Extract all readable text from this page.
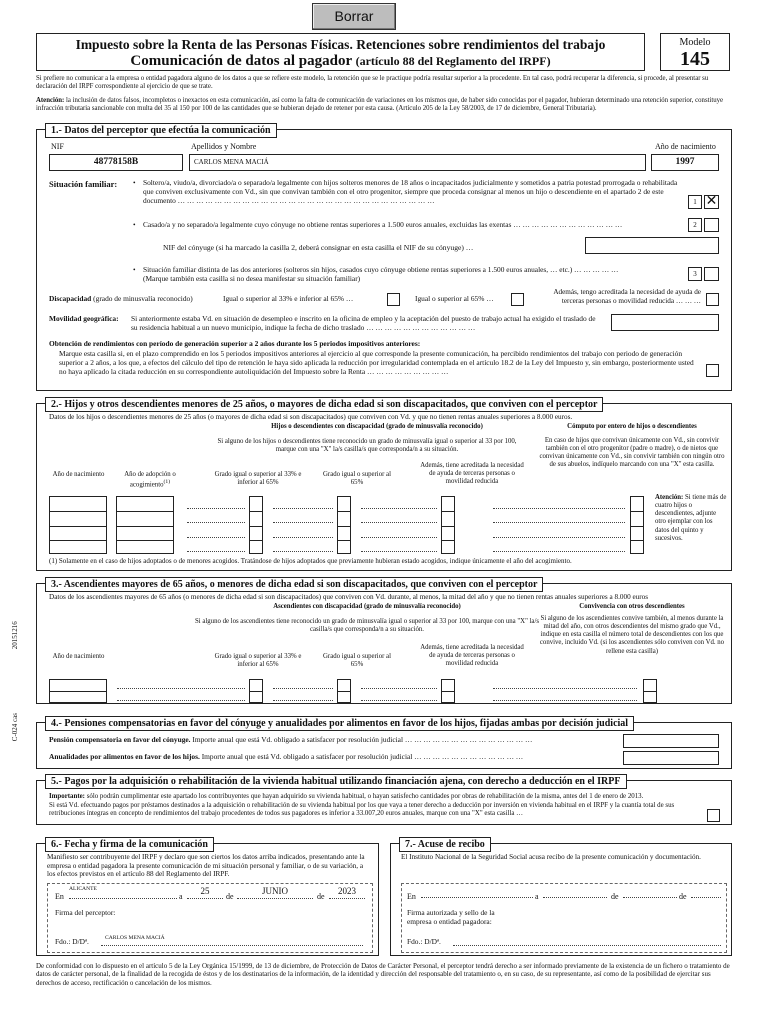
Borrar
Impuesto sobre la Renta de las Personas Físicas. Retenciones sobre rendimientos del trabajo
Comunicación de datos al pagador (artículo 88 del Reglamento del IRPF)
Modelo
145
Si prefiere no comunicar a la empresa o entidad pagadora alguno de los datos a que se refiere este modelo, la retención que se le practique podría resultar superior a la procedente. En tal caso, podrá recuperar la diferencia, si procede, al presentar su declaración del IRPF correspondiente al ejercicio de que se trate.
Atención: la inclusión de datos falsos, incompletos o inexactos en esta comunicación, así como la falta de comunicación de variaciones en los mismos que, de haber sido conocidas por el pagador, hubieran determinado una retención superior, constituye infracción tributaria sancionable con multa del 35 al 150 por 100 de las cantidades que se hubieran dejado de retener por esta causa. (Artículo 205 de la Ley 58/2003, de 17 de diciembre, General Tributaria).
1.- Datos del perceptor que efectúa la comunicación
NIF
48778158B
Apellidos y Nombre
CARLOS MENA MACIÁ
Año de nacimiento
1997
Situación familiar: • Soltero/a, viudo/a, divorciado/a o separado/a legalmente con hijos solteros menores de 18 años o incapacitados judicialmente y sometidos a patria potestad prorrogada o rehabilitada que conviven exclusivamente con Vd., sin que convivan también con el otro progenitor, siempre que proceda consignar al menos un hijo o descendiente en el apartado 2 de este documento … … … … … … … … … … … … … … … … … … … … … … … … … … … …	1 ✕
• Casado/a y no separado/a legalmente cuyo cónyuge no obtiene rentas superiores a 1.500 euros anuales, excluidas las exentas … … … … … … … … … … … …	2
NIF del cónyuge (si ha marcado la casilla 2, deberá consignar en esta casilla el NIF de su cónyuge) …
• Situación familiar distinta de las dos anteriores (solteros sin hijos, casados cuyo cónyuge obtiene rentas superiores a 1.500 euros anuales, … etc.) … … … … … (Marque también esta casilla si no desea manifestar su situación familiar)	3
Discapacidad (grado de minusvalía reconocido)	Igual o superior al 33% e inferior al 65% …	Igual o superior al 65% …
Además, tengo acreditada la necesidad de ayuda de terceras personas o movilidad reducida … … …
Movilidad geográfica: Si anteriormente estaba Vd. en situación de desempleo e inscrito en la oficina de empleo y la aceptación del puesto de trabajo actual ha exigido el traslado de su residencia habitual a un nuevo municipio, indique la fecha de dicho traslado … … … … … … … … … … … …
Obtención de rendimientos con período de generación superior a 2 años durante los 5 periodos impositivos anteriores:
Marque esta casilla si, en el plazo comprendido en los 5 periodos impositivos anteriores al ejercicio al que corresponde la presente comunicación, ha percibido rendimientos del trabajo con periodo de generación superior a 2 años, a los que, a efectos del cálculo del tipo de retención le haya sido aplicada la reducción por irregularidad contemplada en el artículo 18.2 de la Ley del Impuesto y, sin embargo, posteriormente usted no haya aplicado la citada reducción en su correspondiente autoliquidación del Impuesto sobre la Renta … … … … … … … … …
2.- Hijos y otros descendientes menores de 25 años, o mayores de dicha edad si son discapacitados, que conviven con el perceptor
Datos de los hijos o descendientes menores de 25 años (o mayores de dicha edad si son discapacitados) que conviven con Vd. y que no tienen rentas anuales superiores a 8.000 euros.
Hijos o descendientes con discapacidad (grado de minusvalía reconocido)	Cómputo por entero de hijos o descendientes
Si alguno de los hijos o descendientes tiene reconocido un grado de minusvalía igual o superior al 33 por 100, marque con una "X" la/s casilla/s que corresponda/n a su situación.
En caso de hijos que convivan únicamente con Vd., sin convivir también con el otro progenitor (padre o madre), o de nietos que convivan únicamente con Vd., sin convivir también con ningún otro de sus abuelos, indíquelo marcando con una "X" esta casilla.
Año de nacimiento	Año de adopción o acogimiento$^{(1)}$
Grado igual o superior al 33% e inferior al 65%
Grado igual o superior al 65%
Además, tiene acreditada la necesidad de ayuda de terceras personas o movilidad reducida
Atención: Si tiene más de cuatro hijos o descendientes, adjunte otro ejemplar con los datos del quinto y sucesivos.
(1) Solamente en el caso de hijos adoptados o de menores acogidos. Tratándose de hijos adoptados que previamente hubieran estado acogidos, indique únicamente el año del acogimiento.
3.- Ascendientes mayores de 65 años, o menores de dicha edad si son discapacitados, que conviven con el perceptor
Datos de los ascendientes mayores de 65 años (o menores de dicha edad si son discapacitados) que conviven con Vd. durante, al menos, la mitad del año y que no tienen rentas anuales superiores a 8.000 euros
Ascendientes con discapacidad (grado de minusvalía reconocido)	Convivencia con otros descendientes
Si alguno de los ascendientes tiene reconocido un grado de minusvalía igual o superior al 33 por 100, marque con una "X" la/s casilla/s que corresponda/n a su situación.
Si alguno de los ascendientes convive también, al menos durante la mitad del año, con otros descendientes del mismo grado que Vd., indique en esta casilla el número total de descendientes con los que convive, incluido Vd. (si los ascendientes sólo conviven con Vd. no rellene esta casilla)
Año de nacimiento	Grado igual o superior al 33% e inferior al 65%
Grado igual o superior al 65%
Además, tiene acreditada la necesidad de ayuda de terceras personas o movilidad reducida
4.- Pensiones compensatorias en favor del cónyuge y anualidades por alimentos en favor de los hijos, fijadas ambas por decisión judicial
Pensión compensatoria en favor del cónyuge. Importe anual que está Vd. obligado a satisfacer por resolución judicial … … … … … … … … … … … … … …
Anualidades por alimentos en favor de los hijos. Importe anual que está Vd. obligado a satisfacer por resolución judicial … … … … … … … … … … … …
5.- Pagos por la adquisición o rehabilitación de la vivienda habitual utilizando financiación ajena, con derecho a deducción en el IRPF
Importante: sólo podrán cumplimentar este apartado los contribuyentes que hayan adquirido su vivienda habitual, o hayan satisfecho cantidades por obras de rehabilitación de la misma, antes del 1 de enero de 2013.
Si está Vd. efectuando pagos por préstamos destinados a la adquisición o rehabilitación de su vivienda habitual por los que vaya a tener derecho a deducción por inversión en vivienda habitual en el IRPF y la cuantía total de sus retribuciones íntegras en concepto de rendimientos del trabajo procedentes de todos sus pagadores es inferior a 33.007,20 euros anuales, marque con una "X" esta casilla …
6.- Fecha y firma de la comunicación
Manifiesto ser contribuyente del IRPF y declaro que son ciertos los datos arriba indicados, presentando ante la empresa o entidad pagadora la presente comunicación de mi situación personal y familiar, o de su variación, a los efectos previstos en el artículo 88 del Reglamento del IRPF.
En
ALICANTE
a
25
de
JUNIO
de
2023
Firma del perceptor:
Fdo.: D/Dª.	CARLOS MENA MACIÁ
7.- Acuse de recibo
El Instituto Nacional de la Seguridad Social acusa recibo de la presente comunicación y documentación.
En	a	de	de
Firma autorizada y sello de la empresa o entidad pagadora:
Fdo.: D/Dª.
De conformidad con lo dispuesto en el artículo 5 de la Ley Orgánica 15/1999, de 13 de diciembre, de Protección de Datos de Carácter Personal, el perceptor tendrá derecho a ser informado previamente de la existencia de un fichero o tratamiento de datos de carácter personal, de la finalidad de la recogida de éstos y de los destinatarios de la información, de la identidad y dirección del responsable del tratamiento o, en su caso, de su representante, así como de la posibilidad de ejercitar sus derechos de acceso, rectificación o cancelación de los mismos.
20151216
C-024 cas
